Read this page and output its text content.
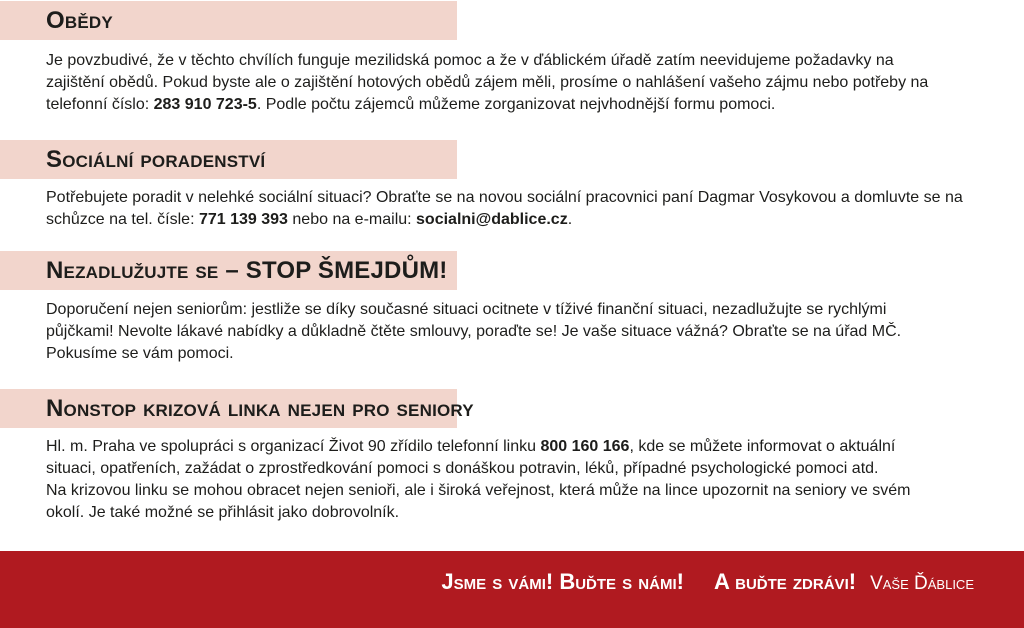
Obědy
Je povzbudivé, že v těchto chvílích funguje mezilidská pomoc a že v ďáblickém úřadě zatím neevidujeme požadavky na
zajištění obědů. Pokud byste ale o zajištění hotových obědů zájem měli, prosíme o nahlášení vašeho zájmu nebo potřeby na
telefonní číslo: 283 910 723-5. Podle počtu zájemců můžeme zorganizovat nejvhodnější formu pomoci.
Sociální poradenství
Potřebujete poradit v nelehké sociální situaci? Obraťte se na novou sociální pracovnici paní Dagmar Vosykovou a domluvte se na
schůzce na tel. čísle: 771 139 393 nebo na e-mailu: socialni@dablice.cz.
Nezadlužujte se – STOP ŠMEJDŮM!
Doporučení nejen seniorům: jestliže se díky současné situaci ocitnete v tíživé finanční situaci, nezadlužujte se rychlými
půjčkami! Nevolte lákavé nabídky a důkladně čtěte smlouvy, poraďte se! Je vaše situace vážná? Obraťte se na úřad MČ.
Pokusíme se vám pomoci.
Nonstop krizová linka nejen pro seniory
Hl. m. Praha ve spolupráci s organizací Život 90 zřídilo telefonní linku 800 160 166, kde se můžete informovat o aktuální
situaci, opatřeních, zažádat o zprostředkování pomoci s donáškou potravin, léků, případné psychologické pomoci atd.
Na krizovou linku se mohou obracet nejen senioři, ale i široká veřejnost, která může na lince upozornit na seniory ve svém
okolí. Je také možné se přihlásit jako dobrovolník.
Jsme s vámi! Buďte s námi! A buďte zdrávi! Vaše Ďáblice
